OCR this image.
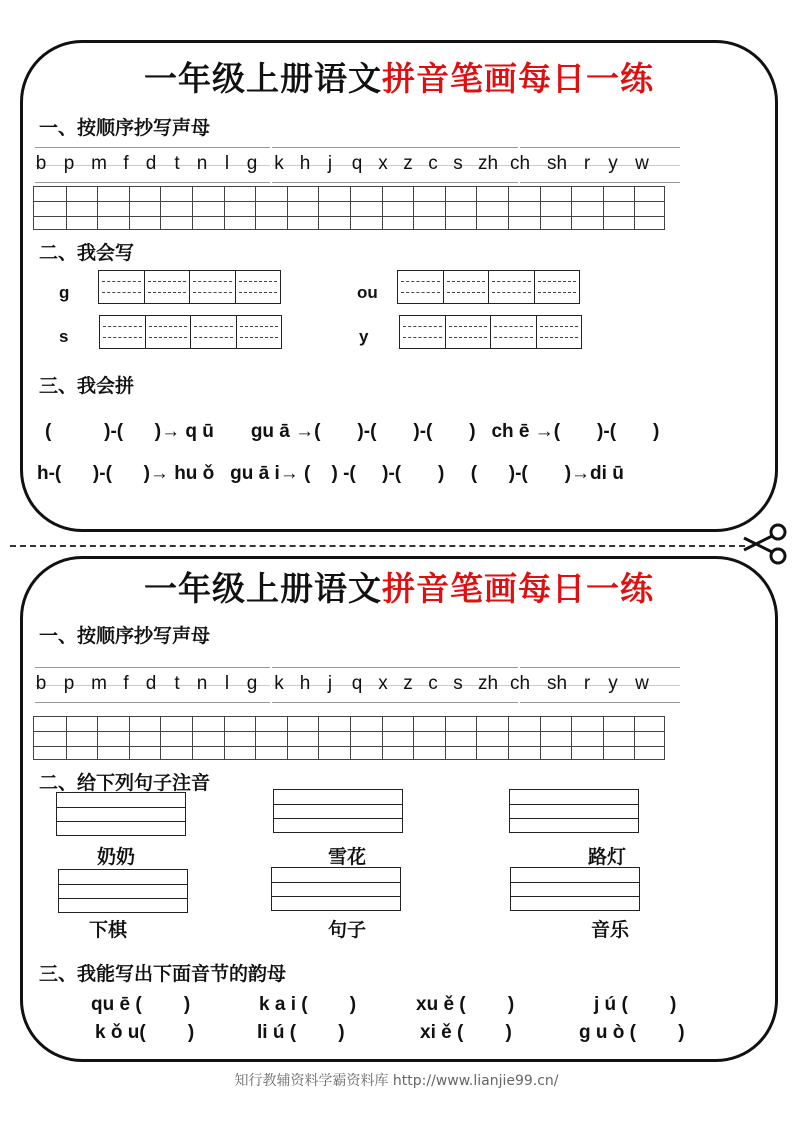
一年级上册语文拼音笔画每日一练
一、按顺序抄写声母
b p m f d t n l g k h j q x z c s zh ch sh r y w
二、我会写
g	ou
s	y
三、我会拼
(          )-(      )→ q ū       gu ā →(       )-(       )-(       )   ch ē →(       )-(       )
h-(      )-(      )→ hu ǒ   gu ā i→ (    ) -(     )-(       )     (      )-(       )→di ū
一年级上册语文拼音笔画每日一练
一、按顺序抄写声母
b p m f d t n l g k h j q x z c s zh ch sh r y w
二、给下列句子注音
奶奶	雪花	路灯
下棋	句子	音乐
三、我能写出下面音节的韵母
qu ē (        )	k a i (        )	xu ě (        )	j ú (        )
k ǒ u(        )	li ú (        )	xi ě (        )	g u ò (        )
知行教辅资料学霸资料库 http://www.lianjie99.cn/
